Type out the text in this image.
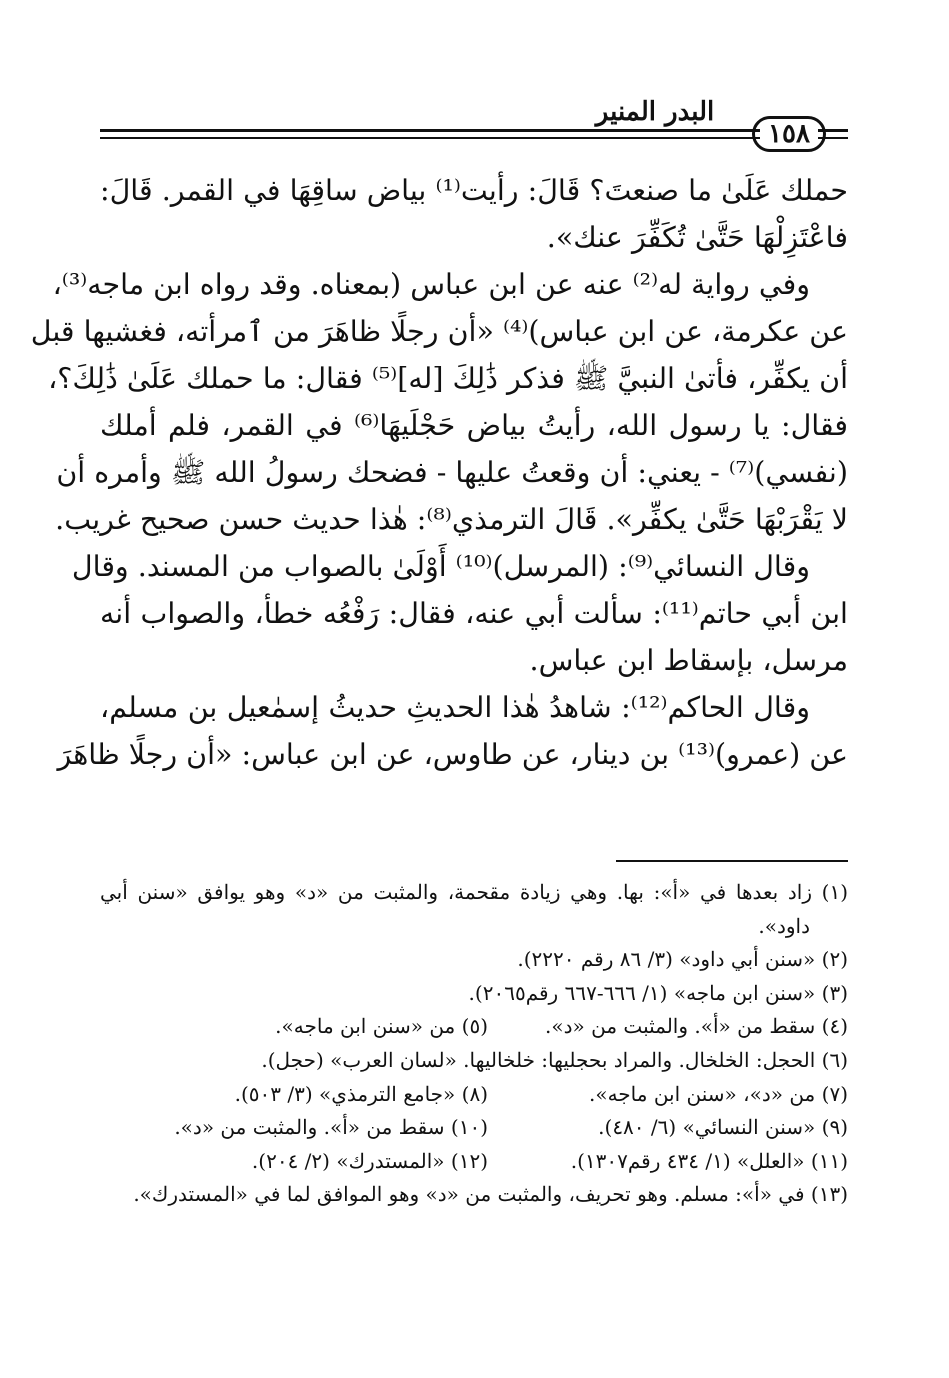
البدر المنير
١٥٨

حملك عَلَىٰ ما صنعتَ؟ قَالَ: رأيت⁽¹⁾ بياض ساقِهَا في القمر. قَالَ:

فاعْتَزِلْهَا حَتَّىٰ تُكَفِّرَ عنك».

وفي رواية له⁽²⁾ عنه عن ابن عباس (بمعناه. وقد رواه ابن ماجه⁽³⁾،

عن عكرمة، عن ابن عباس)⁽⁴⁾ «أن رجلًا ظاهَرَ من ٱمرأته، فغشيها قبل

أن يكفِّر، فأتىٰ النبيَّ ﷺ فذكر ذَٰلِكَ [له]⁽⁵⁾ فقال: ما حملك عَلَىٰ ذَٰلِكَ؟،

فقال: يا رسول الله، رأيتُ بياض حَجْلَيهَا⁽⁶⁾ في القمر، فلم أملك

(نفسي)⁽⁷⁾ - يعني: أن وقعتُ عليها - فضحك رسولُ الله ﷺ وأمره أن

لا يَقْرَبْهَا حَتَّىٰ يكفِّر». قَالَ الترمذي⁽⁸⁾: هٰذا حديث حسن صحيح غريب.

وقال النسائي⁽⁹⁾: (المرسل)⁽¹⁰⁾ أَوْلَىٰ بالصواب من المسند. وقال

ابن أبي حاتم⁽¹¹⁾: سألت أبي عنه، فقال: رَفْعُه خطأ، والصواب أنه

مرسل، بإسقاط ابن عباس.

وقال الحاكم⁽¹²⁾: شاهدُ هٰذا الحديثِ حديثُ إسمٰعيل بن مسلم،

عن (عمرو)⁽¹³⁾ بن دينار، عن طاوس، عن ابن عباس: «أن رجلًا ظاهَرَ

(١) زاد بعدها في «أ»: بها. وهي زيادة مقحمة، والمثبت من «د» وهو يوافق «سنن أبي
داود».
(٢) «سنن أبي داود» (٣/ ٨٦ رقم ٢٢٢٠).
(٣) «سنن ابن ماجه» (١/ ٦٦٦-٦٦٧ رقم٢٠٦٥).
(٤) سقط من «أ». والمثبت من «د».
(٥) من «سنن ابن ماجه».
(٦) الحجل: الخلخال. والمراد بحجليها: خلخاليها. «لسان العرب» (حجل).
(٧) من «د»، «سنن ابن ماجه».
(٨) «جامع الترمذي» (٣/ ٥٠٣).
(٩) «سنن النسائي» (٦/ ٤٨٠).
(١٠) سقط من «أ». والمثبت من «د».
(١١) «العلل» (١/ ٤٣٤ رقم١٣٠٧).
(١٢) «المستدرك» (٢/ ٢٠٤).
(١٣) في «أ»: مسلم. وهو تحريف، والمثبت من «د» وهو الموافق لما في «المستدرك».
